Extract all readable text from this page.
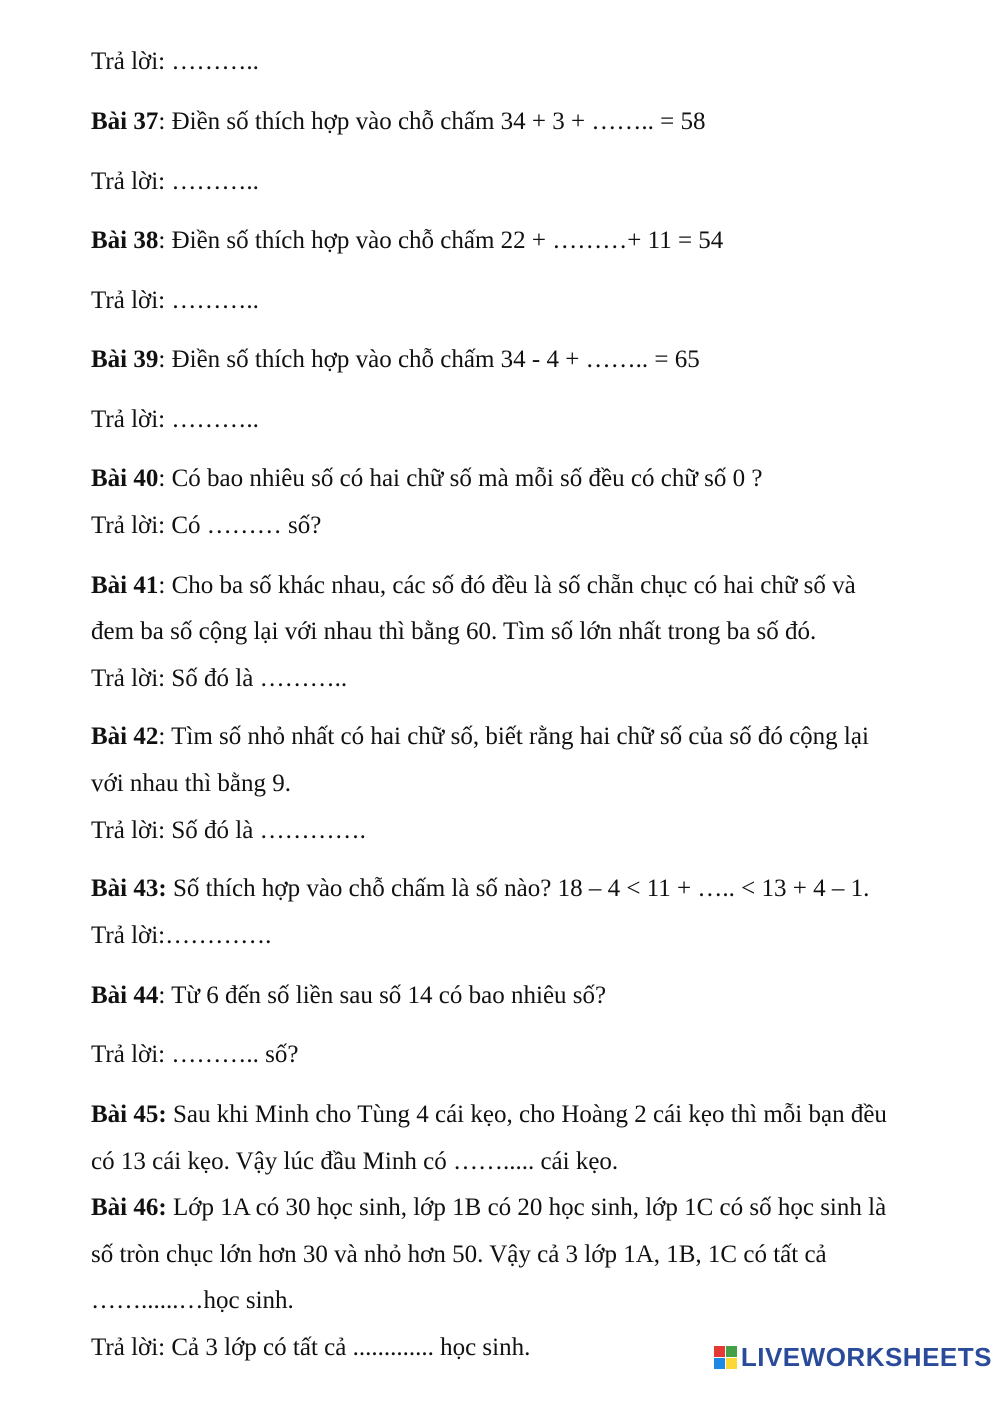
Trả lời: ………..
Bài 37: Điền số thích hợp vào chỗ chấm 34 + 3 + …….. = 58
Trả lời: ………..
Bài 38: Điền số thích hợp vào chỗ chấm 22 + ………+ 11 = 54
Trả lời: ………..
Bài 39: Điền số thích hợp vào chỗ chấm 34 - 4 + …….. = 65
Trả lời: ………..
Bài 40: Có bao nhiêu số có hai chữ số mà mỗi số đều có chữ số 0 ?
Trả lời: Có ……… số?
Bài 41: Cho ba số khác nhau, các số đó đều là số chẵn chục có hai chữ số và
đem ba số cộng lại với nhau thì bằng 60. Tìm số lớn nhất trong ba số đó.
Trả lời: Số đó là ………..
Bài 42: Tìm số nhỏ nhất có hai chữ số, biết rằng hai chữ số của số đó cộng lại
với nhau thì bằng 9.
Trả lời: Số đó là ………….
Bài 43: Số thích hợp vào chỗ chấm là số nào? 18 – 4 < 11 + ….. < 13 + 4 – 1.
Trả lời:………….
Bài 44: Từ 6 đến số liền sau số 14 có bao nhiêu số?
Trả lời: ……….. số?
Bài 45: Sau khi Minh cho Tùng 4 cái kẹo, cho Hoàng 2 cái kẹo thì mỗi bạn đều
có 13 cái kẹo. Vậy lúc đầu Minh có ……..... cái kẹo.
Bài 46: Lớp 1A có 30 học sinh, lớp 1B có 20 học sinh, lớp 1C có số học sinh là
số tròn chục lớn hơn 30 và nhỏ hơn 50. Vậy cả 3 lớp 1A, 1B, 1C có tất cả
……......…học sinh.
Trả lời: Cả 3 lớp có tất cả ............. học sinh.	LIVEWORKSHEETS
